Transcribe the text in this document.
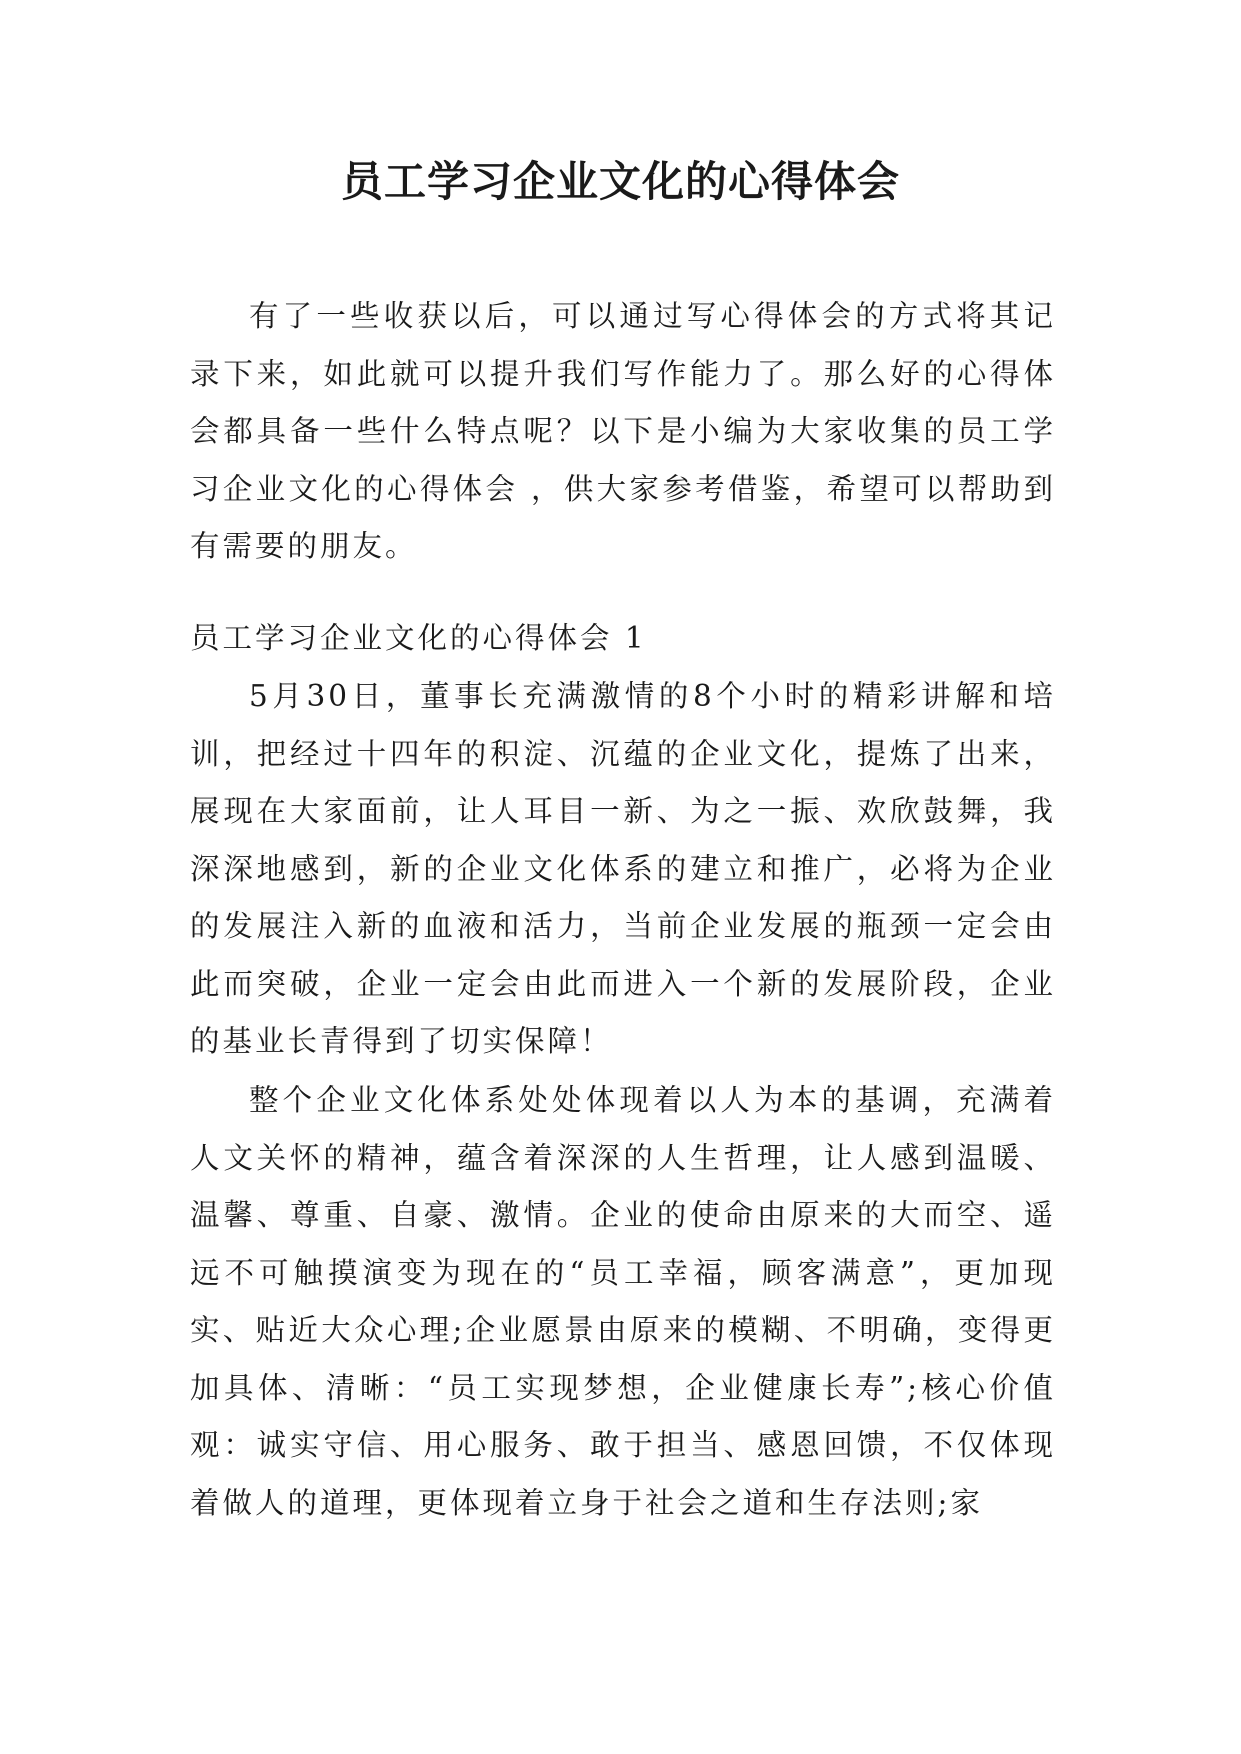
员工学习企业文化的心得体会

有了一些收获以后，可以通过写心得体会的方式将其记录下来，如此就可以提升我们写作能力了。那么好的心得体会都具备一些什么特点呢？以下是小编为大家收集的员工学习企业文化的心得体会 ，供大家参考借鉴，希望可以帮助到有需要的朋友。

员工学习企业文化的心得体会 1

5月30日，董事长充满激情的8个小时的精彩讲解和培训，把经过十四年的积淀、沉蕴的企业文化，提炼了出来，展现在大家面前，让人耳目一新、为之一振、欢欣鼓舞，我深深地感到，新的企业文化体系的建立和推广，必将为企业的发展注入新的血液和活力，当前企业发展的瓶颈一定会由此而突破，企业一定会由此而进入一个新的发展阶段，企业的基业长青得到了切实保障！

整个企业文化体系处处体现着以人为本的基调，充满着人文关怀的精神，蕴含着深深的人生哲理，让人感到温暖、温馨、尊重、自豪、激情。企业的使命由原来的大而空、遥远不可触摸演变为现在的“员工幸福，顾客满意”，更加现实、贴近大众心理;企业愿景由原来的模糊、不明确，变得更加具体、清晰：“员工实现梦想，企业健康长寿”;核心价值观：诚实守信、用心服务、敢于担当、感恩回馈，不仅体现着做人的道理，更体现着立身于社会之道和生存法则;家
